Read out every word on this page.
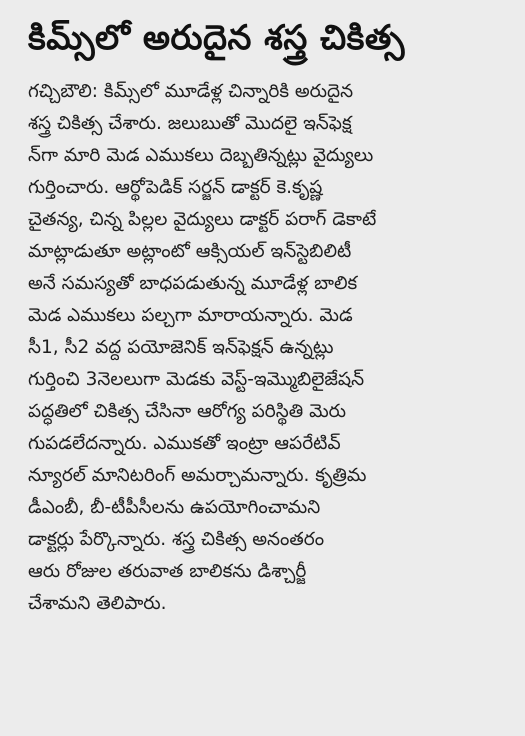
కిమ్స్‌లో అరుదైన శస్త్ర చికిత్స
గచ్చిబౌలి: కిమ్స్‌లో మూడేళ్ల చిన్నారికి అరుదైన
శస్త్ర చికిత్స చేశారు. జలుబుతో మొదలై ఇన్‌ఫెక్ష
న్‌గా మారి మెడ ఎముకలు దెబ్బతిన్నట్లు వైద్యులు
గుర్తించారు. ఆర్థోపెడిక్ సర్జన్ డాక్టర్ కె.కృష్ణ
చైతన్య, చిన్న పిల్లల వైద్యులు డాక్టర్ పరాగ్ డెకాటే
మాట్లాడుతూ అట్లాంటో ఆక్సియల్ ఇన్‌స్టెబిలిటీ
అనే సమస్యతో బాధపడుతున్న మూడేళ్ల బాలిక
మెడ ఎముకలు పల్చగా మారాయన్నారు. మెడ
సీ1, సీ2 వద్ద పయోజెనిక్ ఇన్‌ఫెక్షన్ ఉన్నట్లు
గుర్తించి 3నెలలుగా మెడకు వెస్ట్-ఇమ్మొబిలైజేషన్
పద్ధతిలో చికిత్స చేసినా ఆరోగ్య పరిస్థితి మెరు
గుపడలేదన్నారు. ఎముకతో ఇంట్రా ఆపరేటివ్
న్యూరల్ మానిటరింగ్ అమర్చామన్నారు. కృత్రిమ
డీఎంబీ, బీ-టీపీసీలను ఉపయోగించామని
డాక్టర్లు పేర్కొన్నారు. శస్త్ర చికిత్స అనంతరం
ఆరు రోజుల తరువాత బాలికను డిశ్చార్జీ
చేశామని తెలిపారు.
